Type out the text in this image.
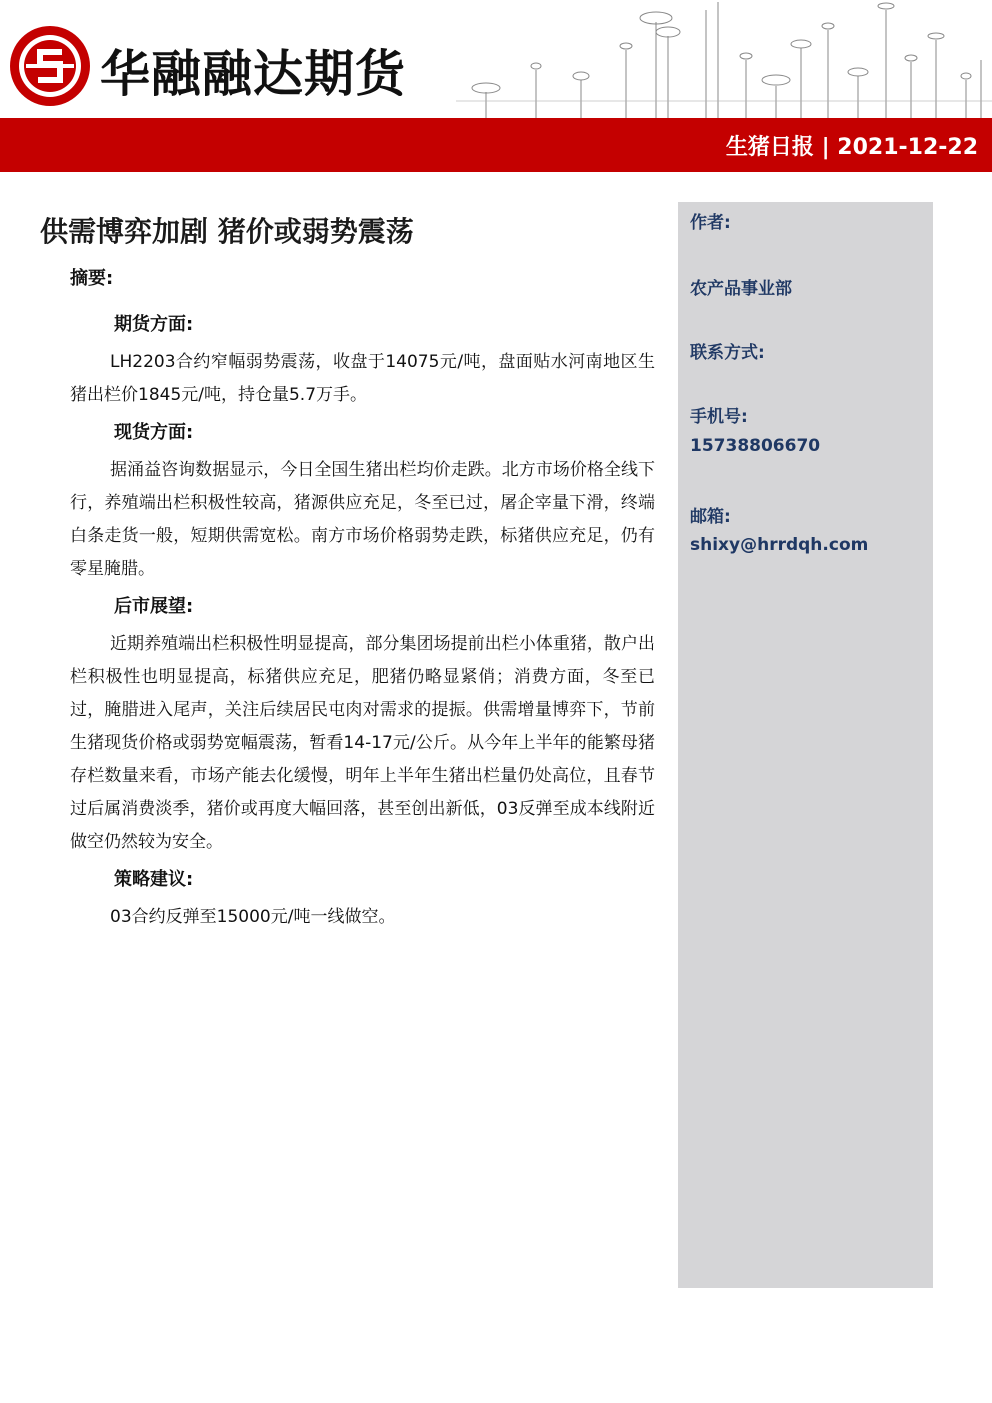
华融融达期货
生猪日报 | 2021-12-22
供需博弈加剧 猪价或弱势震荡
摘要:
期货方面:

LH2203合约窄幅弱势震荡，收盘于14075元/吨，盘面贴水河南地区生猪出栏价1845元/吨，持仓量5.7万手。

现货方面:

据涌益咨询数据显示，今日全国生猪出栏均价走跌。北方市场价格全线下行，养殖端出栏积极性较高，猪源供应充足，冬至已过，屠企宰量下滑，终端白条走货一般，短期供需宽松。南方市场价格弱势走跌，标猪供应充足，仍有零星腌腊。

后市展望:

近期养殖端出栏积极性明显提高，部分集团场提前出栏小体重猪，散户出栏积极性也明显提高，标猪供应充足，肥猪仍略显紧俏；消费方面，冬至已过，腌腊进入尾声，关注后续居民屯肉对需求的提振。供需增量博弈下，节前生猪现货价格或弱势宽幅震荡，暂看14-17元/公斤。从今年上半年的能繁母猪存栏数量来看，市场产能去化缓慢，明年上半年生猪出栏量仍处高位，且春节过后属消费淡季，猪价或再度大幅回落，甚至创出新低，03反弹至成本线附近做空仍然较为安全。

策略建议:

03合约反弹至15000元/吨一线做空。

作者:
农产品事业部
联系方式:
手机号:
15738806670
邮箱:
shixy@hrrdqh.com
